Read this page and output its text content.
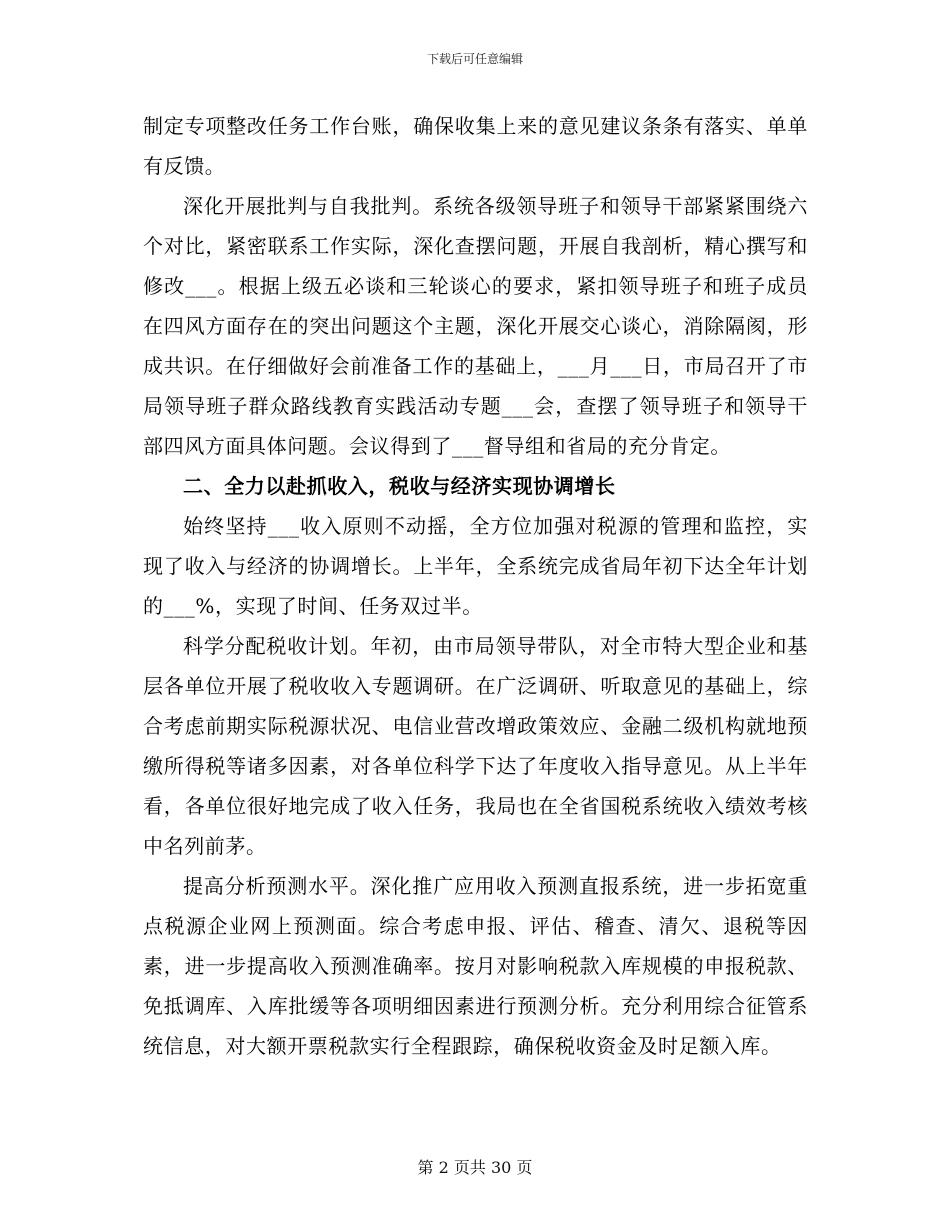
下载后可任意编辑

制定专项整改任务工作台账，确保收集上来的意见建议条条有落实、单单有反馈。

深化开展批判与自我批判。系统各级领导班子和领导干部紧紧围绕六个对比，紧密联系工作实际，深化查摆问题，开展自我剖析，精心撰写和修改___。根据上级五必谈和三轮谈心的要求，紧扣领导班子和班子成员在四风方面存在的突出问题这个主题，深化开展交心谈心，消除隔阂，形成共识。在仔细做好会前准备工作的基础上，___月___日，市局召开了市局领导班子群众路线教育实践活动专题___会，查摆了领导班子和领导干部四风方面具体问题。会议得到了___督导组和省局的充分肯定。

二、全力以赴抓收入，税收与经济实现协调增长

始终坚持___收入原则不动摇，全方位加强对税源的管理和监控，实现了收入与经济的协调增长。上半年，全系统完成省局年初下达全年计划的___%，实现了时间、任务双过半。

科学分配税收计划。年初，由市局领导带队，对全市特大型企业和基层各单位开展了税收收入专题调研。在广泛调研、听取意见的基础上，综合考虑前期实际税源状况、电信业营改增政策效应、金融二级机构就地预缴所得税等诸多因素，对各单位科学下达了年度收入指导意见。从上半年看，各单位很好地完成了收入任务，我局也在全省国税系统收入绩效考核中名列前茅。

提高分析预测水平。深化推广应用收入预测直报系统，进一步拓宽重点税源企业网上预测面。综合考虑申报、评估、稽查、清欠、退税等因素，进一步提高收入预测准确率。按月对影响税款入库规模的申报税款、免抵调库、入库批缓等各项明细因素进行预测分析。充分利用综合征管系统信息，对大额开票税款实行全程跟踪，确保税收资金及时足额入库。

第 2 页共 30 页
